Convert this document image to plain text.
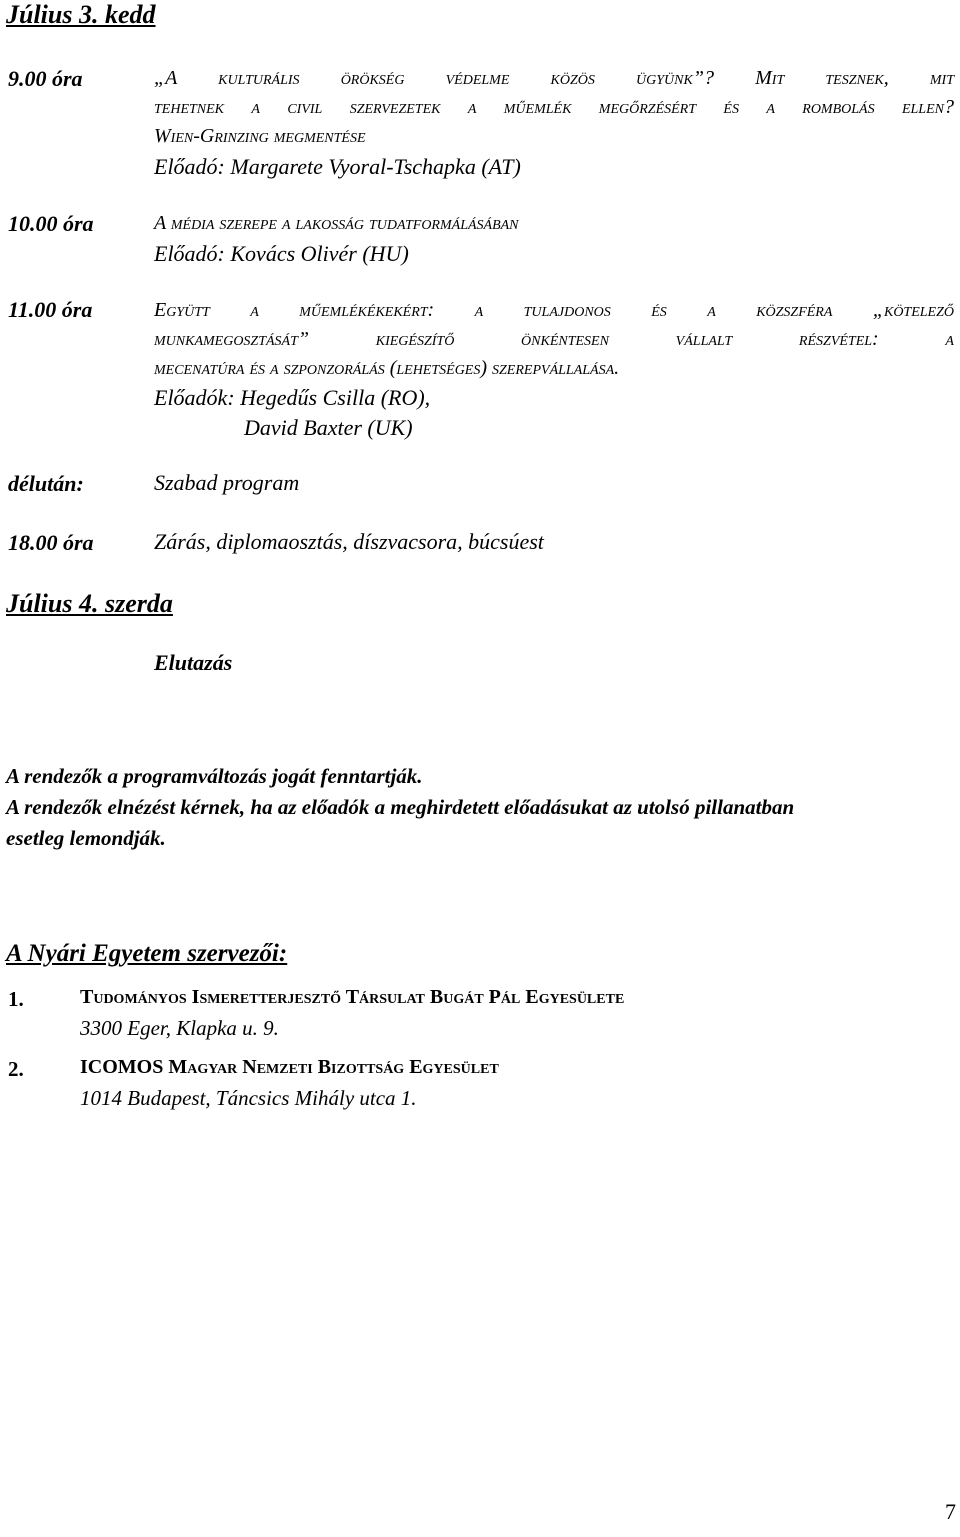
Július 3. kedd
9.00 óra	„A kulturális örökség védelme közös ügyünk”? Mit tesznek, mit
tehetnek a civil szervezetek a műemlék megőrzésért és a rombolás ellen?
Wien-Grinzing megmentése
Előadó: Margarete Vyoral-Tschapka (AT)
10.00 óra	A média szerepe a lakosság tudatformálásában
Előadó: Kovács Olivér (HU)
11.00 óra	Együtt a műemlékékekért: a tulajdonos és a közszféra „kötelező
munkamegosztását” kiegészítő önkéntesen vállalt részvétel: a
mecenatúra és a szponzorálás (lehetséges) szerepvállalása.
Előadók: Hegedűs Csilla (RO),
David Baxter (UK)
délután:	Szabad program
18.00 óra	Zárás, diplomaosztás, díszvacsora, búcsúest
Július 4. szerda
Elutazás
A rendezők a programváltozás jogát fenntartják.
A rendezők elnézést kérnek, ha az előadók a meghirdetett előadásukat az utolsó pillanatban
esetleg lemondják.
A Nyári Egyetem szervezői:
1.	Tudományos Ismeretterjesztő Társulat Bugát Pál Egyesülete
3300 Eger, Klapka u. 9.
2.	ICOMOS Magyar Nemzeti Bizottság Egyesület
1014 Budapest, Táncsics Mihály utca 1.
7
